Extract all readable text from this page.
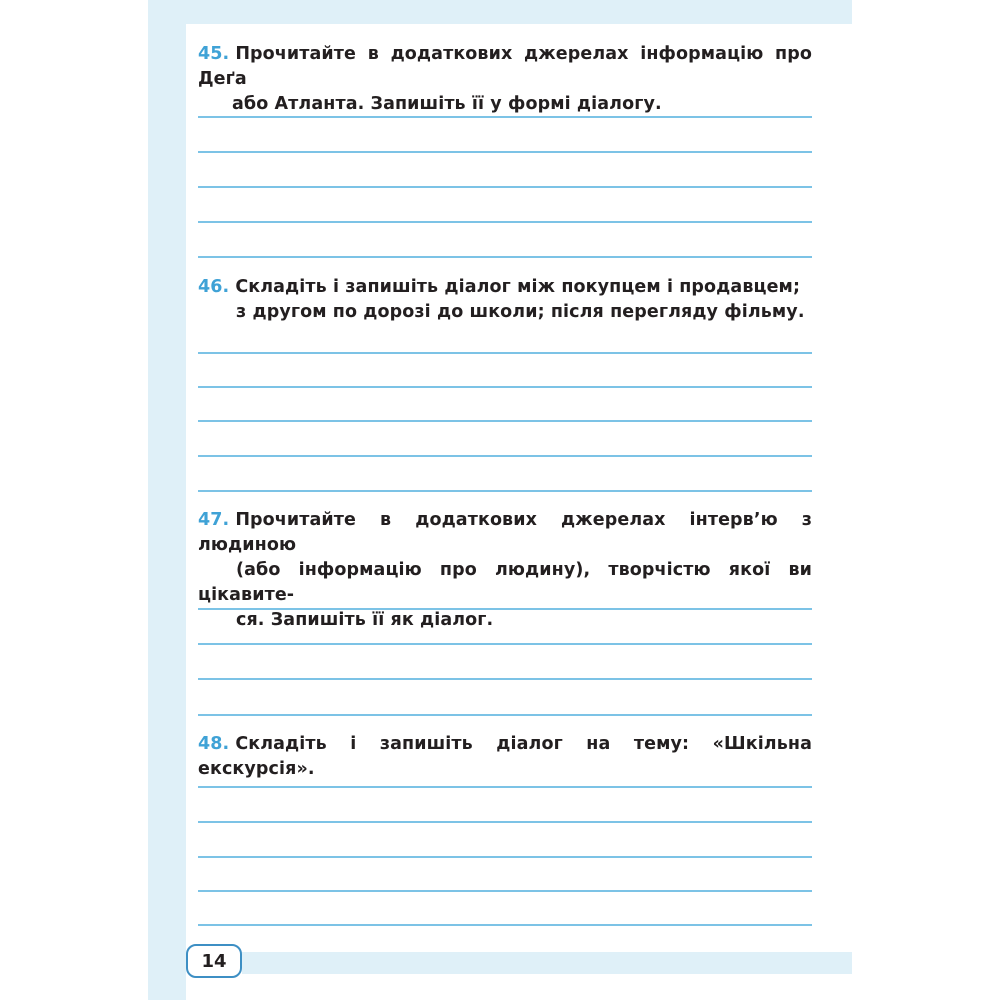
45. Прочитайте в додаткових джерелах інформацію про Деґа
або Атланта. Запишіть її у формі діалогу.

46. Складіть і запишіть діалог між покупцем і продавцем;
з другом по дорозі до школи; після перегляду фільму.

47. Прочитайте в додаткових джерелах інтерв’ю з людиною
(або інформацію про людину), творчістю якої ви цікавите-
ся. Запишіть її як діалог.

48. Складіть і запишіть діалог на тему: «Шкільна екскурсія».

14
